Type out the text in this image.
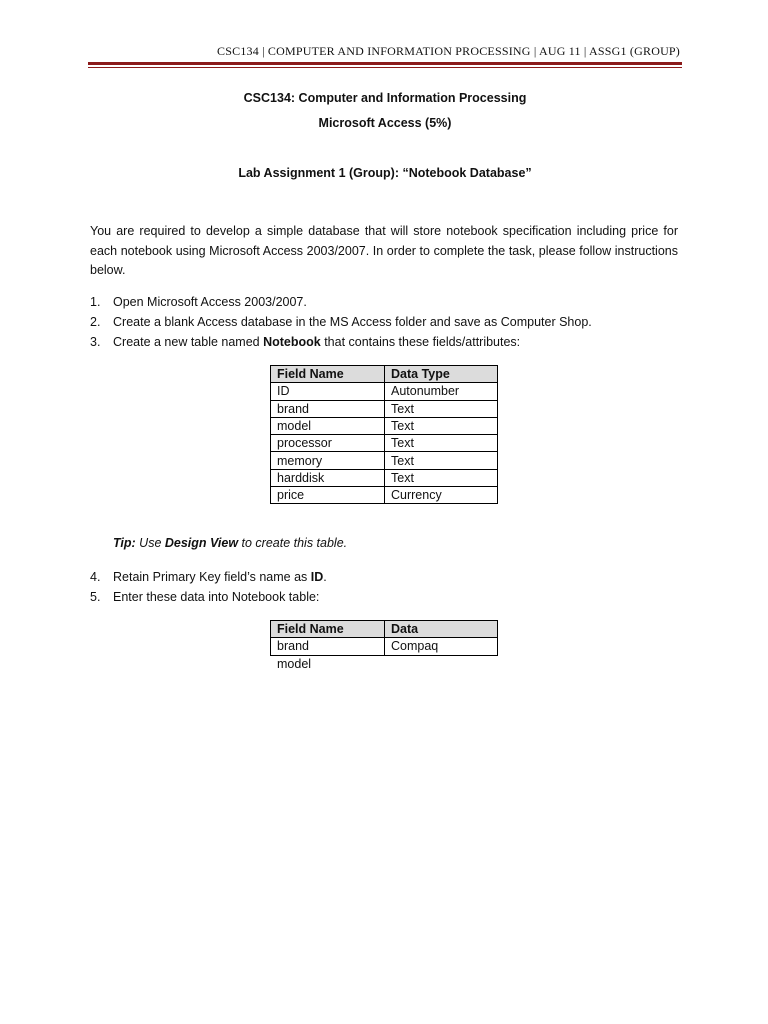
CSC134 | COMPUTER AND INFORMATION PROCESSING | AUG 11 | ASSG1 (GROUP)
CSC134: Computer and Information Processing
Microsoft Access (5%)
Lab Assignment 1 (Group): “Notebook Database”
You are required to develop a simple database that will store notebook specification including price for each notebook using Microsoft Access 2003/2007. In order to complete the task, please follow instructions below.
1. Open Microsoft Access 2003/2007.
2. Create a blank Access database in the MS Access folder and save as Computer Shop.
3. Create a new table named Notebook that contains these fields/attributes:
Field Name	Data Type
ID	Autonumber
brand	Text
model	Text
processor	Text
memory	Text
harddisk	Text
price	Currency
Tip: Use Design View to create this table.
4. Retain Primary Key field’s name as ID.
5. Enter these data into Notebook table:
Field Name	Data
brand	Compaq
model
